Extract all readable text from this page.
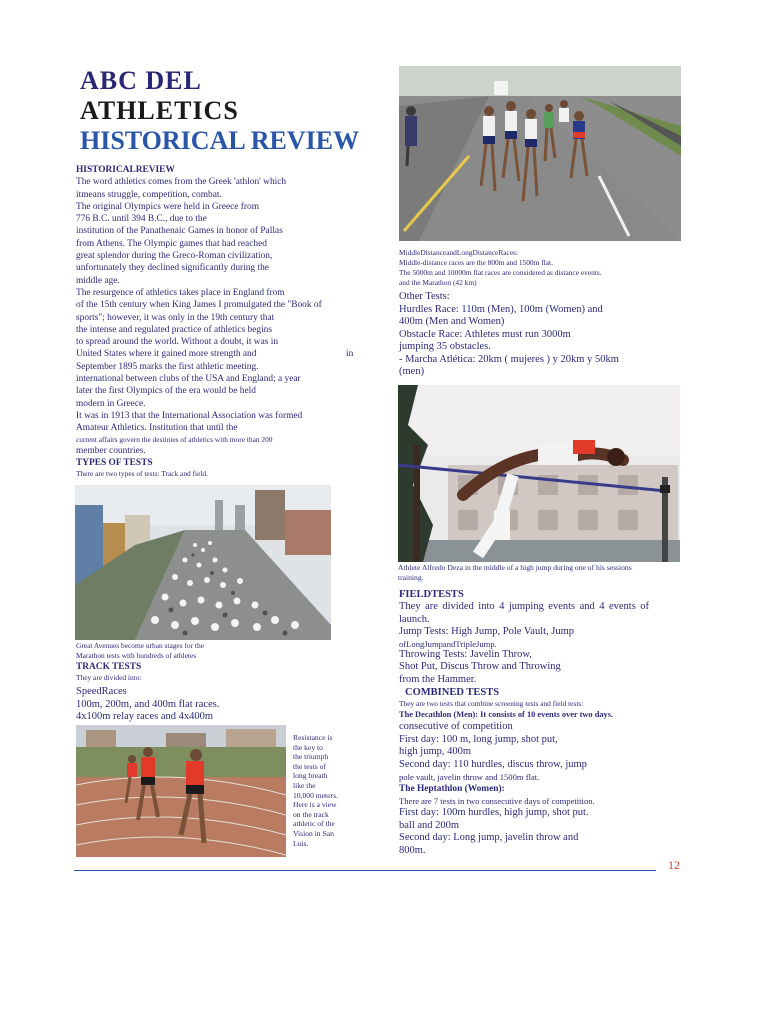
ABC DEL
ATHLETICS
HISTORICAL REVIEW

HISTORICALREVIEW

The word athletics comes from the Greek 'athlon' which

itmeans struggle, competition, combat.

The original Olympics were held in Greece from

776 B.C. until 394 B.C., due to the

institution of the Panathenaic Games in honor of Pallas

from Athens. The Olympic games that had reached

great splendor during the Greco-Roman civilization,

unfortunately they declined significantly during the

middle age.

The resurgence of athletics takes place in England from

of the 15th century when King James I promulgated the "Book of

sports"; however, it was only in the 19th century that

the intense and regulated practice of athletics begins

to spread around the world. Without a doubt, it was in

United States where it gained more strength and	in

September 1895 marks the first athletic meeting.

international between clubs of the USA and England; a year

later the first Olympics of the era would be held

modern in Greece.

It was in 1913 that the International Association was formed

Amateur Athletics. Institution that until the

current affairs govern the destinies of athletics with more than 200

member countries.

TYPES OF TESTS

There are two types of tests: Track and field.

Great Avenues become urban stages for the

Marathon tests with hundreds of athletes

TRACK TESTS

They are divided into:

SpeedRaces

100m, 200m, and 400m flat races.

4x100m relay races and 4x400m

Resistance is

the key to

the triumph

the tests of

long breath

like the

10,000 meters.

Here is a view

on the track

athletic of the

Vision in San

Luis.

MiddleDistanceandLongDistanceRaces:

Middle-distance races are the 800m and 1500m flat.

The 5000m and 10000m flat races are considered as distance events.

and the Marathon (42 km)

Other Tests:

Hurdles Race: 110m (Men), 100m (Women) and

400m (Men and Women)

Obstacle Race: Athletes must run 3000m

jumping 35 obstacles.

- Marcha Atlética: 20km ( mujeres ) y 20km y 50km

(men)

Athlete Alfredo Deza in the middle of a high jump during one of his sessions training.

FIELDTESTS

They are divided into 4 jumping events and 4 events of

launch.

Jump Tests: High Jump, Pole Vault, Jump

ofLongJumpandTripleJump.

Throwing Tests: Javelin Throw,

Shot Put, Discus Throw and Throwing

from the Hammer.

COMBINED TESTS

They are two tests that combine screening tests and field tests:

The Decathlon (Men): It consists of 10 events over two days.

consecutive of competition

First day: 100 m, long jump, shot put,

high jump, 400m

Second day: 110 hurdles, discus throw, jump

pole vault, javelin throw and 1500m flat.

The Heptathlon (Women):

There are 7 tests in two consecutive days of competition.

First day: 100m hurdles, high jump, shot put.

ball and 200m

Second day: Long jump, javelin throw and

800m.

12
